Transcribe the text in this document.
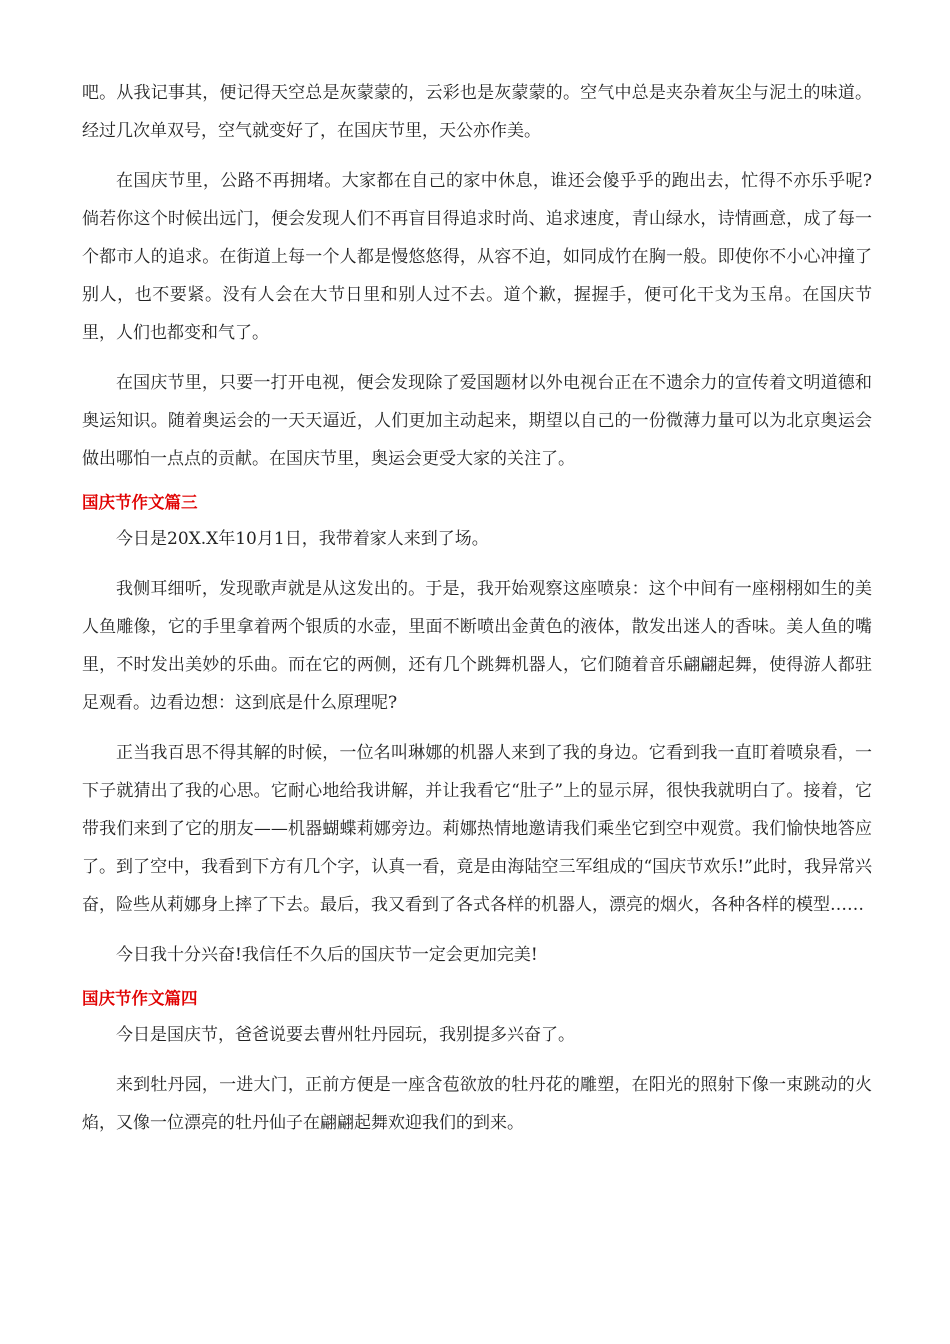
吧。从我记事其，便记得天空总是灰蒙蒙的，云彩也是灰蒙蒙的。空气中总是夹杂着灰尘与泥土的味道。经过几次单双号，空气就变好了，在国庆节里，天公亦作美。

在国庆节里，公路不再拥堵。大家都在自己的家中休息，谁还会傻乎乎的跑出去，忙得不亦乐乎呢?倘若你这个时候出远门，便会发现人们不再盲目得追求时尚、追求速度，青山绿水，诗情画意，成了每一个都市人的追求。在街道上每一个人都是慢悠悠得，从容不迫，如同成竹在胸一般。即使你不小心冲撞了别人，也不要紧。没有人会在大节日里和别人过不去。道个歉，握握手，便可化干戈为玉帛。在国庆节里，人们也都变和气了。

在国庆节里，只要一打开电视，便会发现除了爱国题材以外电视台正在不遗余力的宣传着文明道德和奥运知识。随着奥运会的一天天逼近，人们更加主动起来，期望以自己的一份微薄力量可以为北京奥运会做出哪怕一点点的贡献。在国庆节里，奥运会更受大家的关注了。

国庆节作文篇三

今日是20X.X年10月1日，我带着家人来到了场。

我侧耳细听，发现歌声就是从这发出的。于是，我开始观察这座喷泉：这个中间有一座栩栩如生的美人鱼雕像，它的手里拿着两个银质的水壶，里面不断喷出金黄色的液体，散发出迷人的香味。美人鱼的嘴里，不时发出美妙的乐曲。而在它的两侧，还有几个跳舞机器人，它们随着音乐翩翩起舞，使得游人都驻足观看。边看边想：这到底是什么原理呢?

正当我百思不得其解的时候，一位名叫琳娜的机器人来到了我的身边。它看到我一直盯着喷泉看，一下子就猜出了我的心思。它耐心地给我讲解，并让我看它“肚子”上的显示屏，很快我就明白了。接着，它带我们来到了它的朋友——机器蝴蝶莉娜旁边。莉娜热情地邀请我们乘坐它到空中观赏。我们愉快地答应了。到了空中，我看到下方有几个字，认真一看，竟是由海陆空三军组成的“国庆节欢乐!”此时，我异常兴奋，险些从莉娜身上摔了下去。最后，我又看到了各式各样的机器人，漂亮的烟火，各种各样的模型……

今日我十分兴奋!我信任不久后的国庆节一定会更加完美!

国庆节作文篇四

今日是国庆节，爸爸说要去曹州牡丹园玩，我别提多兴奋了。

来到牡丹园，一进大门，正前方便是一座含苞欲放的牡丹花的雕塑，在阳光的照射下像一束跳动的火焰，又像一位漂亮的牡丹仙子在翩翩起舞欢迎我们的到来。
